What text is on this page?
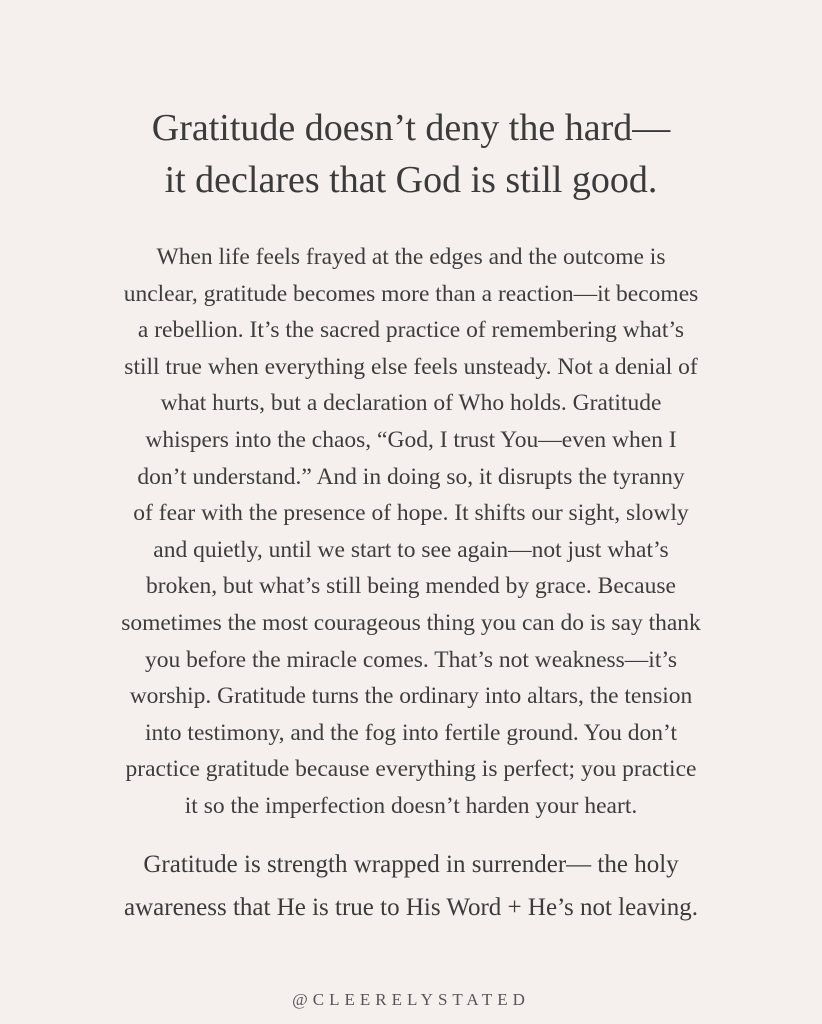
Gratitude doesn’t deny the hard—
it declares that God is still good.

When life feels frayed at the edges and the outcome is
unclear, gratitude becomes more than a reaction—it becomes
a rebellion. It’s the sacred practice of remembering what’s
still true when everything else feels unsteady. Not a denial of
what hurts, but a declaration of Who holds. Gratitude
whispers into the chaos, “God, I trust You—even when I
don’t understand.” And in doing so, it disrupts the tyranny
of fear with the presence of hope. It shifts our sight, slowly
and quietly, until we start to see again—not just what’s
broken, but what’s still being mended by grace. Because
sometimes the most courageous thing you can do is say thank
you before the miracle comes. That’s not weakness—it’s
worship. Gratitude turns the ordinary into altars, the tension
into testimony, and the fog into fertile ground. You don’t
practice gratitude because everything is perfect; you practice
it so the imperfection doesn’t harden your heart.

Gratitude is strength wrapped in surrender— the holy
awareness that He is true to His Word + He’s not leaving.

@CLEERELYSTATED
